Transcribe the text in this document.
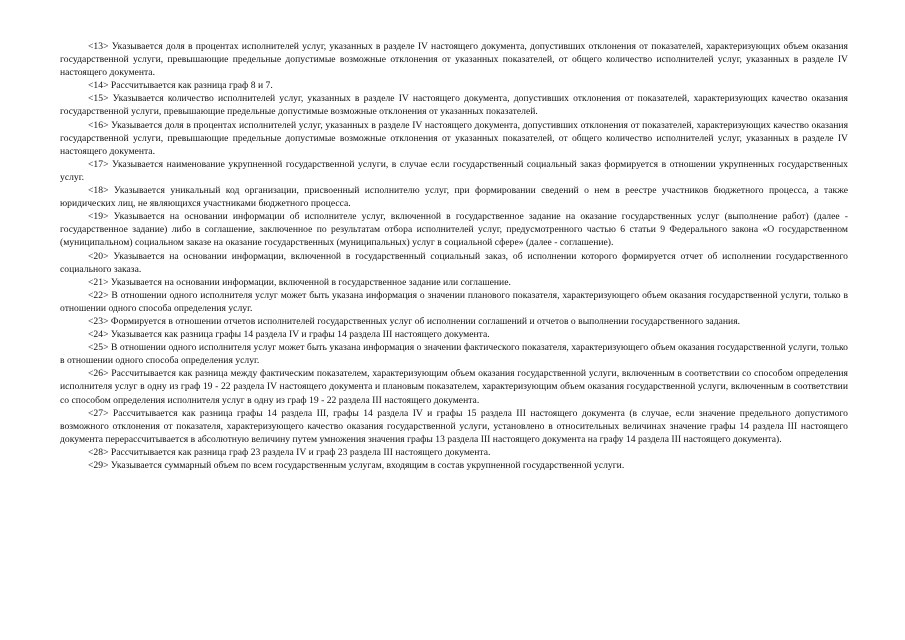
<13> Указывается доля в процентах исполнителей услуг, указанных в разделе IV настоящего документа, допустивших отклонения от показателей, характеризующих объем оказания государственной услуги, превышающие предельные допустимые возможные отклонения от указанных показателей, от общего количество исполнителей услуг, указанных в разделе IV настоящего документа.

<14> Рассчитывается как разница граф 8 и 7.

<15> Указывается количество исполнителей услуг, указанных в разделе IV настоящего документа, допустивших отклонения от показателей, характеризующих качество оказания государственной услуги, превышающие предельные допустимые возможные отклонения от указанных показателей.

<16> Указывается доля в процентах исполнителей услуг, указанных в разделе IV настоящего документа, допустивших отклонения от показателей, характеризующих качество оказания государственной услуги, превышающие предельные допустимые возможные отклонения от указанных показателей, от общего количество исполнителей услуг, указанных в разделе IV настоящего документа.

<17> Указывается наименование укрупненной государственной услуги, в случае если государственный социальный заказ формируется в отношении укрупненных государственных услуг.

<18> Указывается уникальный код организации, присвоенный исполнителю услуг, при формировании сведений о нем в реестре участников бюджетного процесса, а также юридических лиц, не являющихся участниками бюджетного процесса.

<19> Указывается на основании информации об исполнителе услуг, включенной в государственное задание на оказание государственных услуг (выполнение работ) (далее - государственное задание) либо в соглашение, заключенное по результатам отбора исполнителей услуг, предусмотренного частью 6 статьи 9 Федерального закона «О государственном (муниципальном) социальном заказе на оказание государственных (муниципальных) услуг в социальной сфере» (далее - соглашение).

<20> Указывается на основании информации, включенной в государственный социальный заказ, об исполнении которого формируется отчет об исполнении государственного социального заказа.

<21> Указывается на основании информации, включенной в государственное задание или соглашение.

<22> В отношении одного исполнителя услуг может быть указана информация о значении планового показателя, характеризующего объем оказания государственной услуги, только в отношении одного способа определения услуг.

<23> Формируется в отношении отчетов исполнителей государственных услуг об исполнении соглашений и отчетов о выполнении государственного задания.

<24> Указывается как разница графы 14 раздела IV и графы 14 раздела III настоящего документа.

<25> В отношении одного исполнителя услуг может быть указана информация о значении фактического показателя, характеризующего объем оказания государственной услуги, только в отношении одного способа определения услуг.

<26> Рассчитывается как разница между фактическим показателем, характеризующим объем оказания государственной услуги, включенным в соответствии со способом определения исполнителя услуг в одну из граф 19 - 22 раздела IV настоящего документа и плановым показателем, характеризующим объем оказания государственной услуги, включенным в соответствии со способом определения исполнителя услуг в одну из граф 19 - 22 раздела III настоящего документа.

<27> Рассчитывается как разница графы 14 раздела III, графы 14 раздела IV и графы 15 раздела III настоящего документа (в случае, если значение предельного допустимого возможного отклонения от показателя, характеризующего качество оказания государственной услуги, установлено в относительных величинах значение графы 14 раздела III настоящего документа перерассчитывается в абсолютную величину путем умножения значения графы 13 раздела III настоящего документа на графу 14 раздела III настоящего документа).

<28> Рассчитывается как разница граф 23 раздела IV и граф 23 раздела III настоящего документа.

<29> Указывается суммарный объем по всем государственным услугам, входящим в состав укрупненной государственной услуги.
